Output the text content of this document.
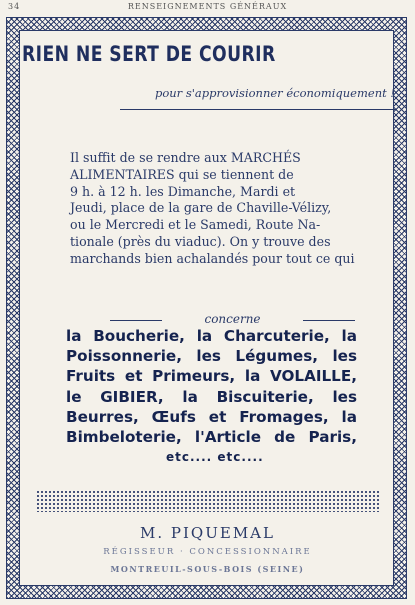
34	RENSEIGNEMENTS GÉNÉRAUX
RIEN NE SERT DE COURIR
pour s'approvisionner économiquement !
Il suffit de se rendre aux MARCHÉS
ALIMENTAIRES qui se tiennent de
9 h. à 12 h. les Dimanche, Mardi et
Jeudi, place de la gare de Chaville-Vélizy,
ou le Mercredi et le Samedi, Route Na-
tionale (près du viaduc). On y trouve des
marchands bien achalandés pour tout ce qui
concerne
la Boucherie, la Charcuterie, la
Poissonnerie, les Légumes, les
Fruits et Primeurs, la VOLAILLE,
le GIBIER, la Biscuiterie, les
Beurres, Œufs et Fromages, la
Bimbeloterie, l'Article de Paris,
etc.... etc....
M. PIQUEMAL
RÉGISSEUR · CONCESSIONNAIRE
MONTREUIL-SOUS-BOIS (SEINE)
